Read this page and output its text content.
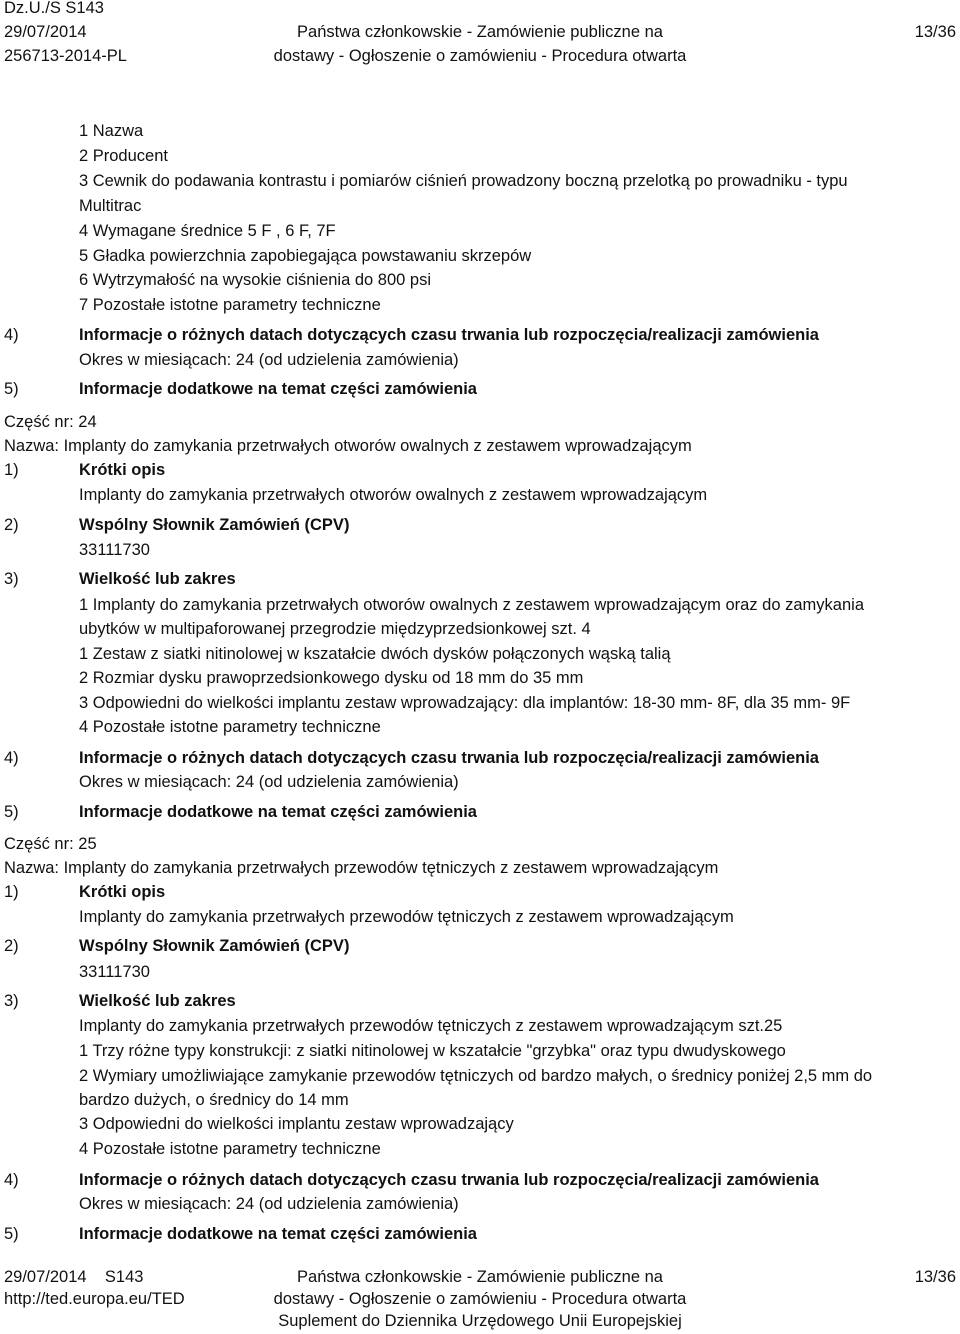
Dz.U./S S143
29/07/2014
256713-2014-PL
Państwa członkowskie - Zamówienie publiczne na
dostawy - Ogłoszenie o zamówieniu - Procedura otwarta
13/36
1 Nazwa
2 Producent
3 Cewnik do podawania kontrastu i pomiarów ciśnień prowadzony boczną przelotką po prowadniku - typu
Multitrac
4 Wymagane średnice 5 F , 6 F, 7F
5 Gładka powierzchnia zapobiegająca powstawaniu skrzepów
6 Wytrzymałość na wysokie ciśnienia do 800 psi
7 Pozostałe istotne parametry techniczne
4)	Informacje o różnych datach dotyczących czasu trwania lub rozpoczęcia/realizacji zamówienia
Okres w miesiącach: 24 (od udzielenia zamówienia)
5)	Informacje dodatkowe na temat części zamówienia
Część nr: 24
Nazwa: Implanty do zamykania przetrwałych otworów owalnych z zestawem wprowadzającym
1)	Krótki opis
Implanty do zamykania przetrwałych otworów owalnych z zestawem wprowadzającym
2)	Wspólny Słownik Zamówień (CPV)
33111730
3)	Wielkość lub zakres
1 Implanty do zamykania przetrwałych otworów owalnych z zestawem wprowadzającym oraz do zamykania
ubytków w multipaforowanej przegrodzie międzyprzedsionkowej szt. 4
1 Zestaw z siatki nitinolowej w kszatałcie dwóch dysków połączonych wąską talią
2 Rozmiar dysku prawoprzedsionkowego dysku od 18 mm do 35 mm
3 Odpowiedni do wielkości implantu zestaw wprowadzający: dla implantów: 18-30 mm- 8F, dla 35 mm- 9F
4 Pozostałe istotne parametry techniczne
4)	Informacje o różnych datach dotyczących czasu trwania lub rozpoczęcia/realizacji zamówienia
Okres w miesiącach: 24 (od udzielenia zamówienia)
5)	Informacje dodatkowe na temat części zamówienia
Część nr: 25
Nazwa: Implanty do zamykania przetrwałych przewodów tętniczych z zestawem wprowadzającym
1)	Krótki opis
Implanty do zamykania przetrwałych przewodów tętniczych z zestawem wprowadzającym
2)	Wspólny Słownik Zamówień (CPV)
33111730
3)	Wielkość lub zakres
Implanty do zamykania przetrwałych przewodów tętniczych z zestawem wprowadzającym szt.25
1 Trzy różne typy konstrukcji: z siatki nitinolowej w kszatałcie "grzybka" oraz typu dwudyskowego
2 Wymiary umożliwiające zamykanie przewodów tętniczych od bardzo małych, o średnicy poniżej 2,5 mm do
bardzo dużych, o średnicy do 14 mm
3 Odpowiedni do wielkości implantu zestaw wprowadzający
4 Pozostałe istotne parametry techniczne
4)	Informacje o różnych datach dotyczących czasu trwania lub rozpoczęcia/realizacji zamówienia
Okres w miesiącach: 24 (od udzielenia zamówienia)
5)	Informacje dodatkowe na temat części zamówienia
29/07/2014    S143
http://ted.europa.eu/TED
Państwa członkowskie - Zamówienie publiczne na
dostawy - Ogłoszenie o zamówieniu - Procedura otwarta
Suplement do Dziennika Urzędowego Unii Europejskiej
13/36
